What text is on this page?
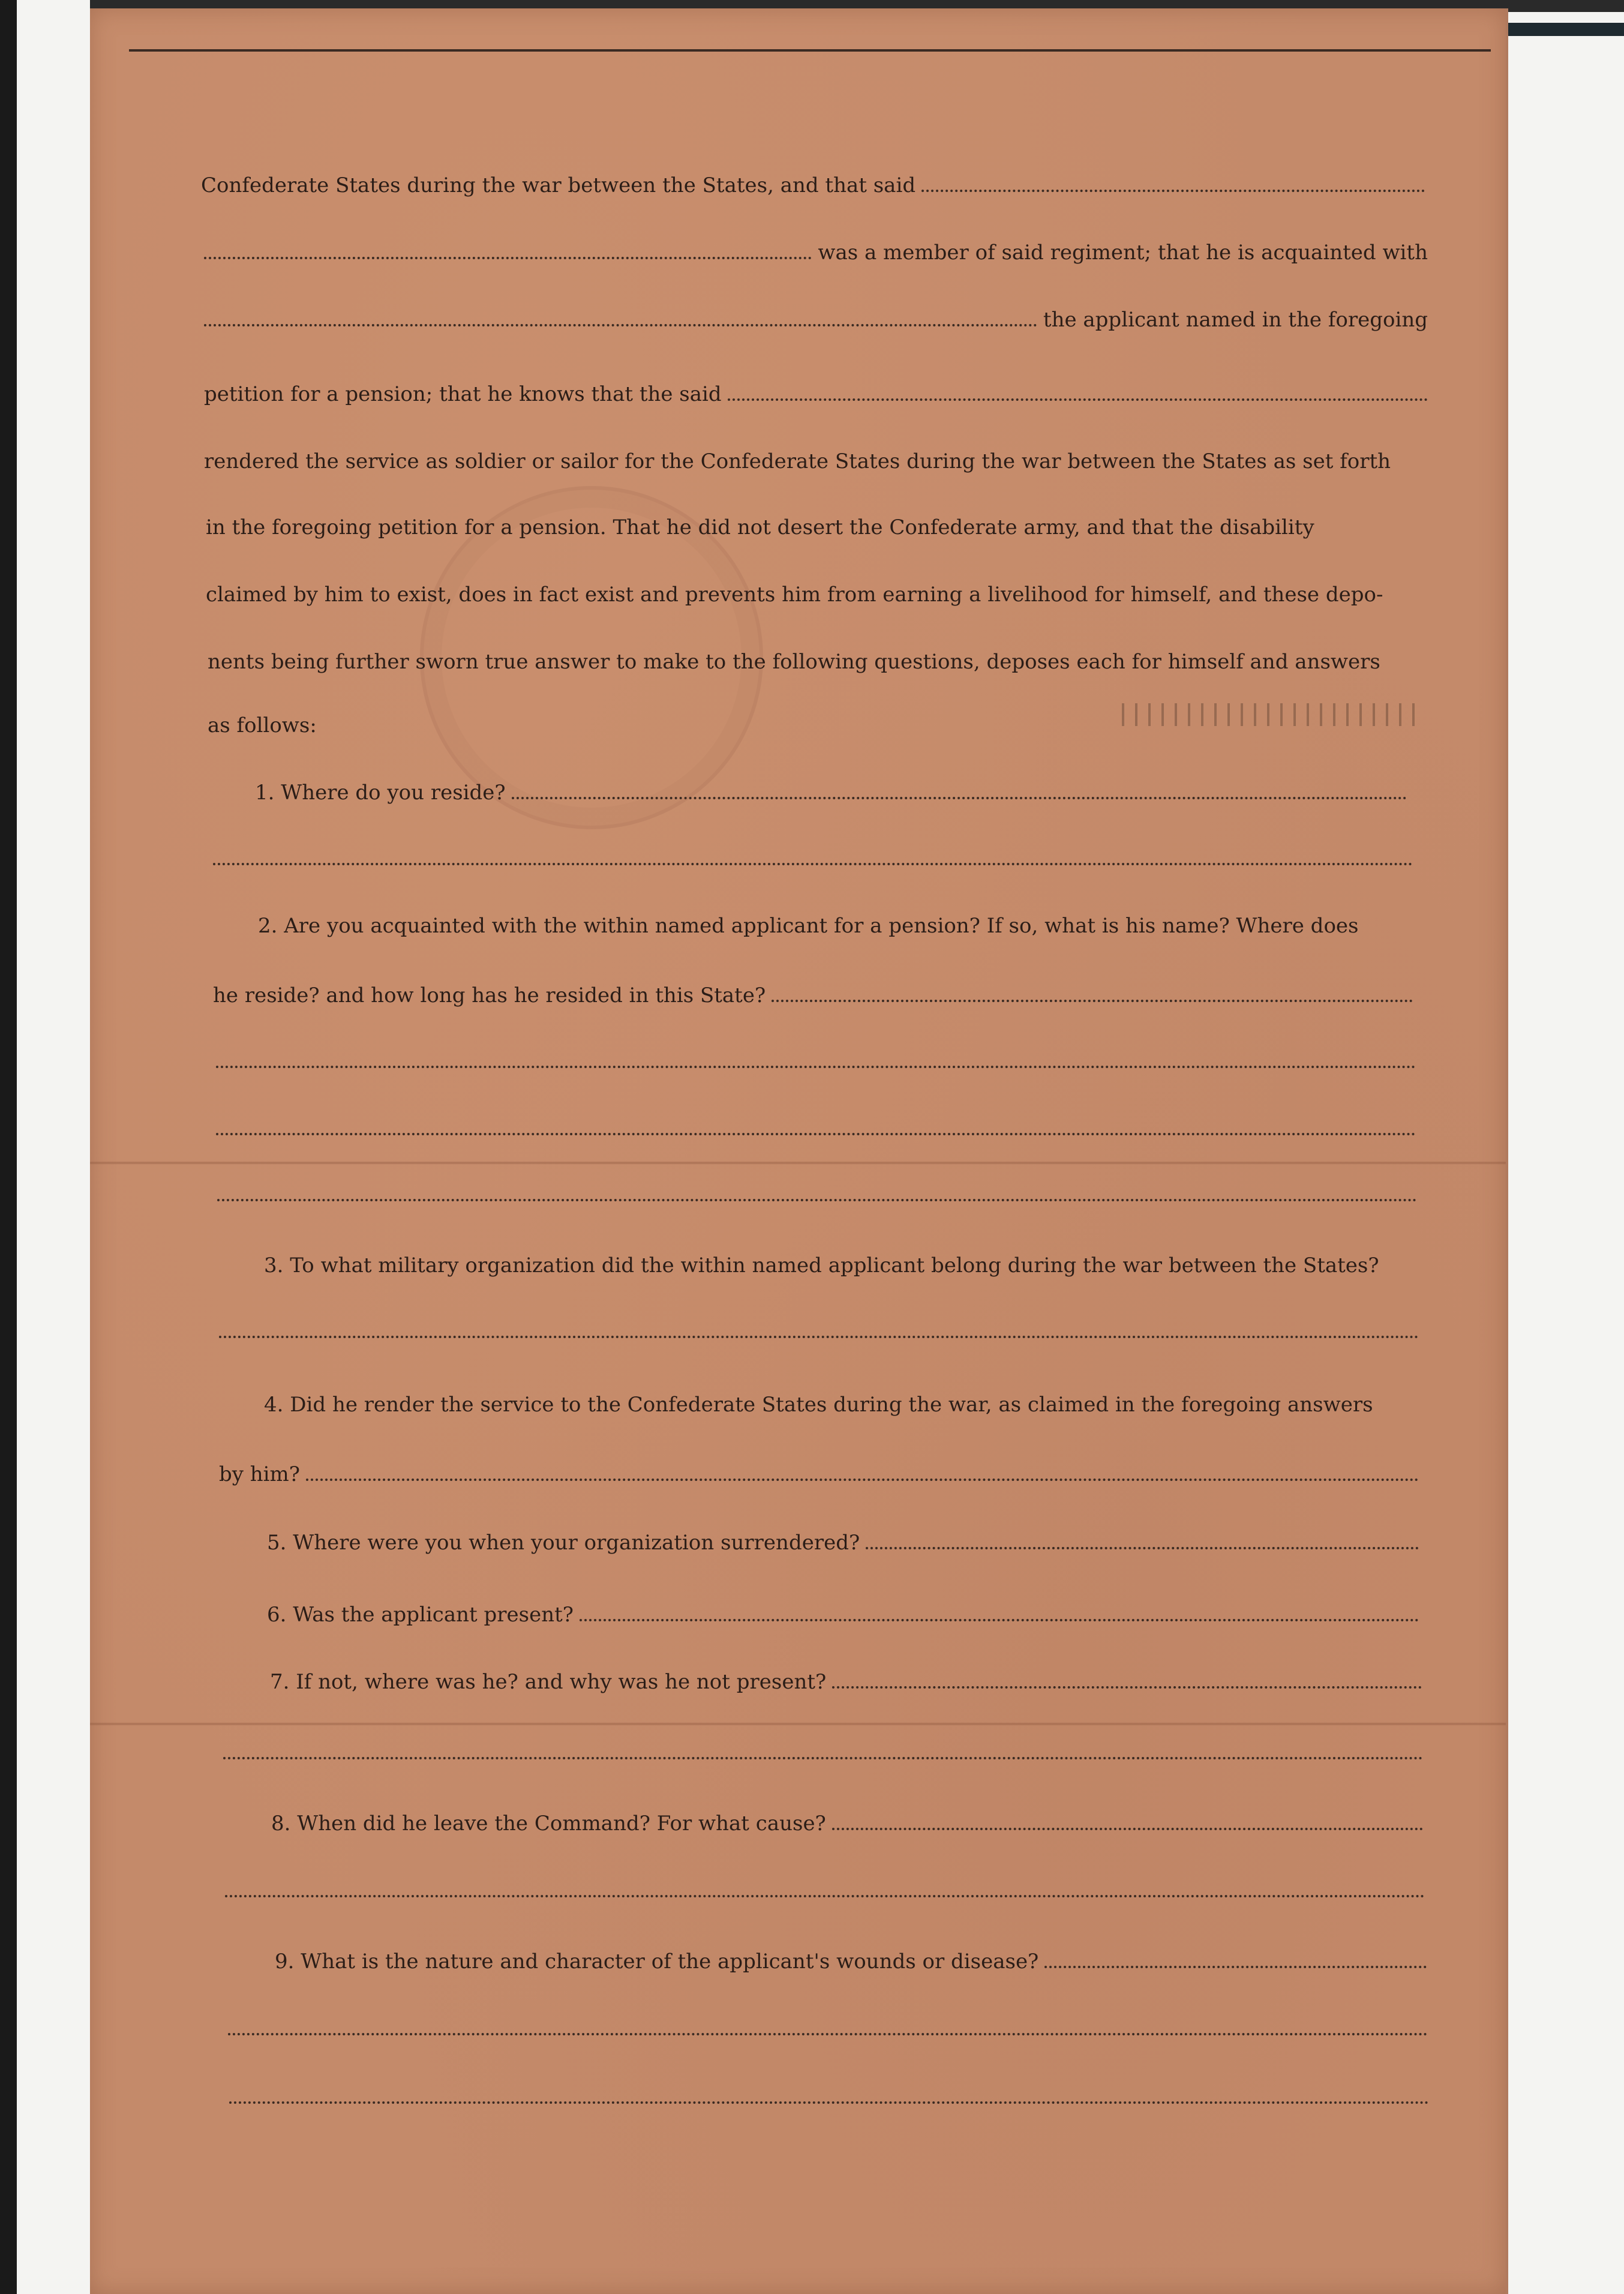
Confederate States during the war between the States, and that said
was a member of said regiment; that he is acquainted with
the applicant named in the foregoing
petition for a pension; that he knows that the said
rendered the service as soldier or sailor for the Confederate States during the war between the States as set forth
in the foregoing petition for a pension. That he did not desert the Confederate army, and that the disability
claimed by him to exist, does in fact exist and prevents him from earning a livelihood for himself, and these depo-
nents being further sworn true answer to make to the following questions, deposes each for himself and answers
as follows:
1. Where do you reside?
2. Are you acquainted with the within named applicant for a pension? If so, what is his name? Where does
he reside? and how long has he resided in this State?
3. To what military organization did the within named applicant belong during the war between the States?
4. Did he render the service to the Confederate States during the war, as claimed in the foregoing answers
by him?
5. Where were you when your organization surrendered?
6. Was the applicant present?
7. If not, where was he? and why was he not present?
8. When did he leave the Command? For what cause?
9. What is the nature and character of the applicant's wounds or disease?
